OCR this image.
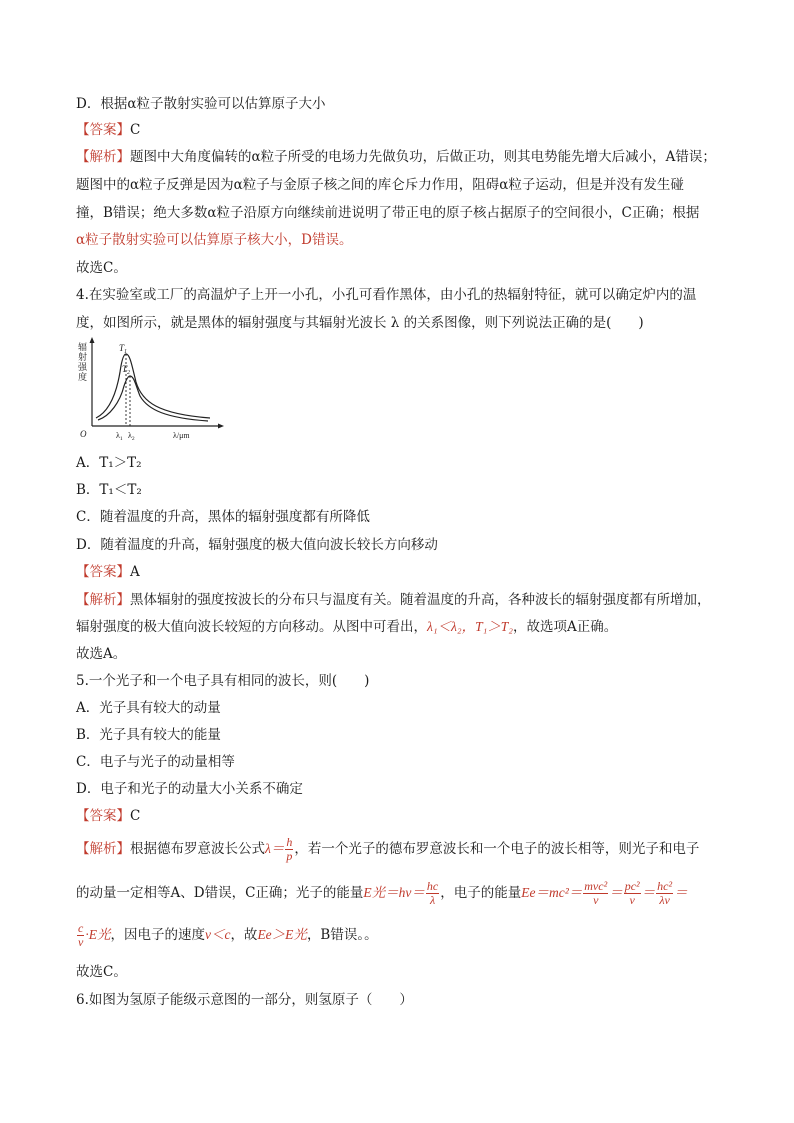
D．根据α粒子散射实验可以估算原子大小
【答案】C
【解析】题图中大角度偏转的α粒子所受的电场力先做负功，后做正功，则其电势能先增大后减小，A错误；
题图中的α粒子反弹是因为α粒子与金原子核之间的库仑斥力作用，阻碍α粒子运动，但是并没有发生碰
撞，B错误；绝大多数α粒子沿原方向继续前进说明了带正电的原子核占据原子的空间很小，C正确；根据
α粒子散射实验可以估算原子核大小，D错误。
故选C。
4.在实验室或工厂的高温炉子上开一小孔，小孔可看作黑体，由小孔的热辐射特征，就可以确定炉内的温
度，如图所示，就是黑体的辐射强度与其辐射光波长 λ 的关系图像，则下列说法正确的是(　　)
辐
射
强
度
$T_1$
$T_2$
O	$\lambda_1$ $\lambda_2$	λ/μm
A．T₁＞T₂
B．T₁＜T₂
C．随着温度的升高，黑体的辐射强度都有所降低
D．随着温度的升高，辐射强度的极大值向波长较长方向移动
【答案】A
【解析】黑体辐射的强度按波长的分布只与温度有关。随着温度的升高，各种波长的辐射强度都有所增加，
辐射强度的极大值向波长较短的方向移动。从图中可看出，λ₁＜λ₂，T₁＞T₂，故选项A正确。
故选A。
5.一个光子和一个电子具有相同的波长，则(　　)
A．光子具有较大的动量
B．光子具有较大的能量
C．电子与光子的动量相等
D．电子和光子的动量大小关系不确定
【答案】C
【解析】根据德布罗意波长公式$\lambda= \frac{h}{p}$ ，若一个光子的德布罗意波长和一个电子的波长相等，则光子和电子
的动量一定相等A、D错误，C正确；光子的能量E光$=h\nu= \frac{hc}{\lambda}$ ，电子的能量$Ee=mc^2= \frac{\text{mvc²}}{v} = \frac{\text{pc²}}{v} = \frac{\text{hc²}}{\lambda v}$ ＝
$\frac{c}{v} \cdot E$光，因电子的速度v＜c，故Ee＞E光，B错误。。
故选C。
6.如图为氢原子能级示意图的一部分，则氢原子（　　）
